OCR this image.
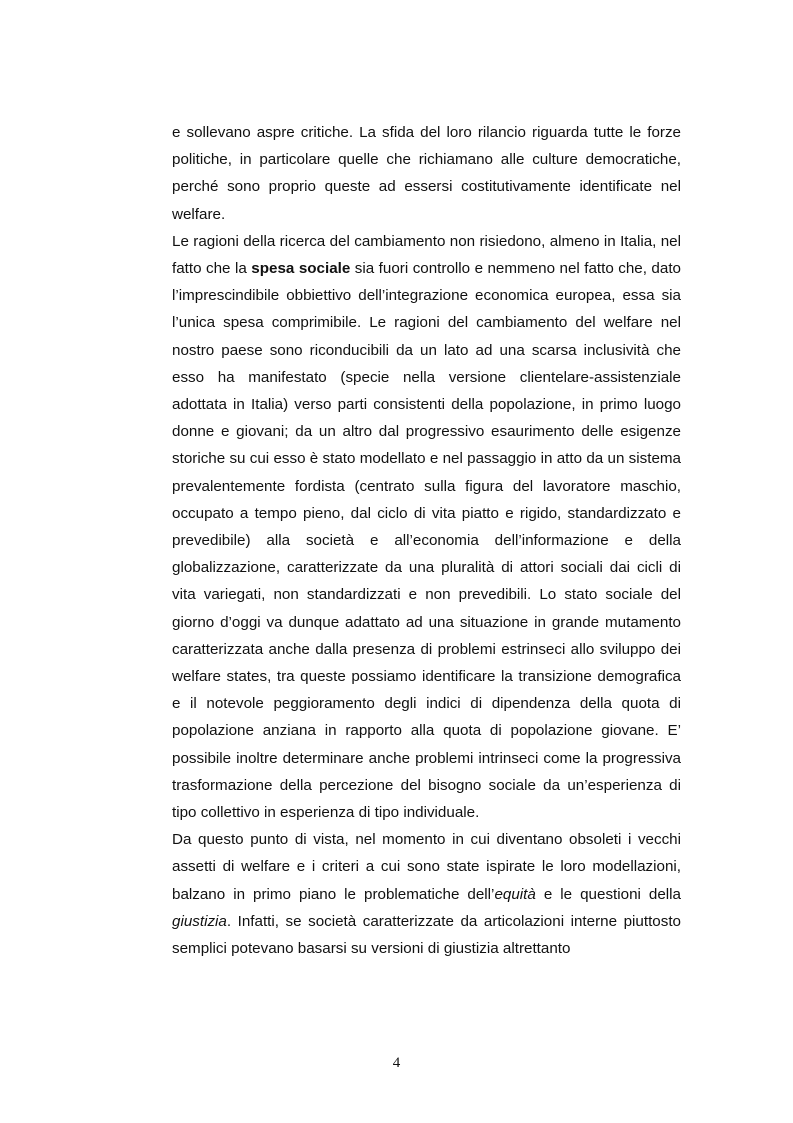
e sollevano aspre critiche. La sfida del loro rilancio riguarda tutte le forze politiche, in particolare quelle che richiamano alle culture democratiche, perché sono proprio queste ad essersi costitutivamente identificate nel welfare.

Le ragioni della ricerca del cambiamento non risiedono, almeno in Italia, nel fatto che la spesa sociale sia fuori controllo e nemmeno nel fatto che, dato l’imprescindibile obbiettivo dell’integrazione economica europea, essa sia l’unica spesa comprimibile. Le ragioni del cambiamento del welfare nel nostro paese sono riconducibili da un lato ad una scarsa inclusività che esso ha manifestato (specie nella versione clientelare-assistenziale adottata in Italia) verso parti consistenti della popolazione, in primo luogo donne e giovani; da un altro dal progressivo esaurimento delle esigenze storiche su cui esso è stato modellato e nel passaggio in atto da un sistema prevalentemente fordista (centrato sulla figura del lavoratore maschio, occupato a tempo pieno, dal ciclo di vita piatto e rigido, standardizzato e prevedibile) alla società e all’economia dell’informazione e della globalizzazione, caratterizzate da una pluralità di attori sociali dai cicli di vita variegati, non standardizzati e non prevedibili. Lo stato sociale del giorno d’oggi va dunque adattato ad una situazione in grande mutamento caratterizzata anche dalla presenza di problemi estrinseci allo sviluppo dei welfare states, tra queste possiamo identificare la transizione demografica e il notevole peggioramento degli indici di dipendenza della quota di popolazione anziana in rapporto alla quota di popolazione giovane. E’ possibile inoltre determinare anche problemi intrinseci come la progressiva trasformazione della percezione del bisogno sociale da un’esperienza di tipo collettivo in esperienza di tipo individuale.

Da questo punto di vista, nel momento in cui diventano obsoleti i vecchi assetti di welfare e i criteri a cui sono state ispirate le loro modellazioni, balzano in primo piano le problematiche dell’equità e le questioni della giustizia. Infatti, se società caratterizzate da articolazioni interne piuttosto semplici potevano basarsi su versioni di giustizia altrettanto

4
